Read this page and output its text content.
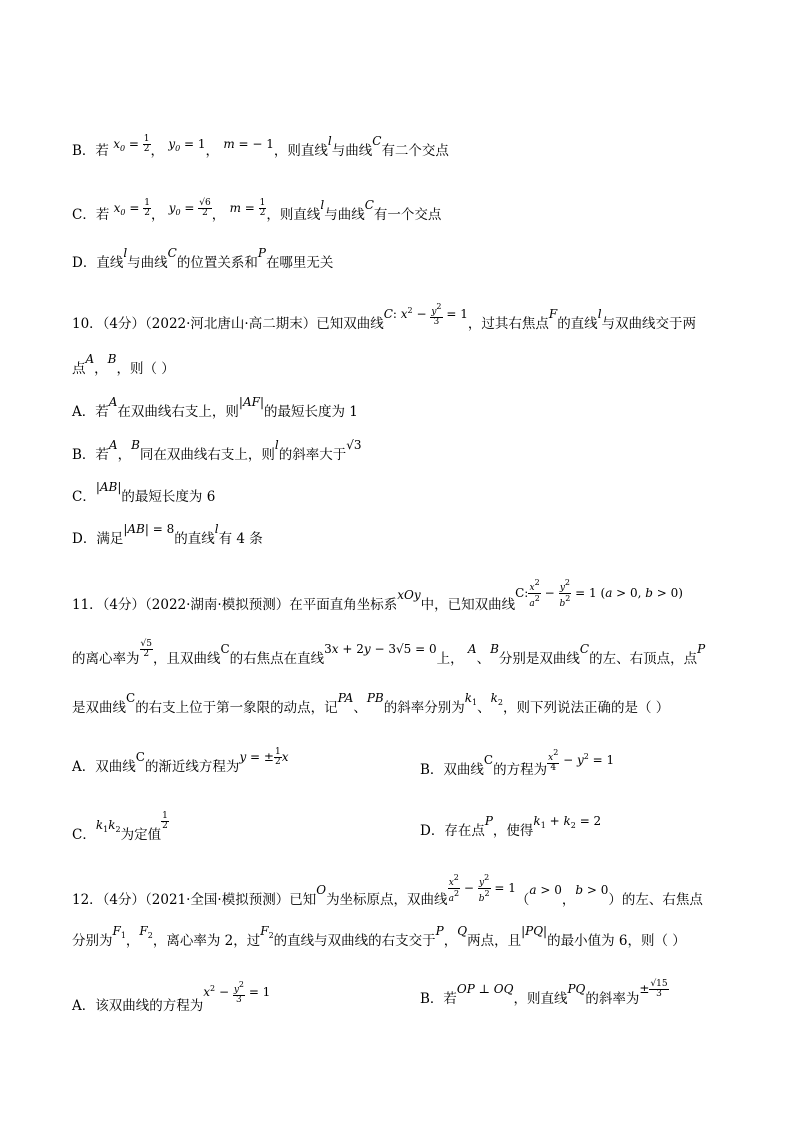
B．若 $x_0 = \frac{1}{2}$ ， $y_0 = 1$， m = − 1，则直线l与曲线C有二个交点
C．若 $x_0 = \frac{1}{2}$ ， $y_0 = \frac{√6}{2}$ ， $m = \frac{1}{2}$ ，则直线l与曲线C有一个交点
D．直线l与曲线C的位置关系和P在哪里无关
10．（4分）（2022·河北唐山·高二期末）已知双曲线C: $x^2 - \frac{y2}{3} = 1$，过其右焦点F的直线l与双曲线交于两
点A，B，则（ ）
A．若A在双曲线右支上，则|AF|的最短长度为 1
B．若A，B同在双曲线右支上，则l的斜率大于√3
C．|AB|的最短长度为 6
D．满足|AB| = 8的直线l有 4 条
11．（4分）（2022·湖南·模拟预测）在平面直角坐标系xOy中，已知双曲线C: $\frac{x2}{a2} - \frac{y2}{b2} = 1$ (a > 0, b > 0)
的离心率为 $\frac{√5}{2}$ ，且双曲线C的右焦点在直线3x + 2y − 3√5 = 0上， A、B分别是双曲线C的左、右顶点，点P
是双曲线C的右支上位于第一象限的动点，记PA、PB的斜率分别为$k_1$、$k_2$，则下列说法正确的是（ ）
A．双曲线C的渐近线方程为y = ± $\frac{1}{2}$ x
B．双曲线C的方程为 $\frac{x2}{4} - y^2 = 1$
C．$k_1k_2$为定值
$\frac{1}{2}$	D．存在点P，使得$k_1 + k_2 = 2$
12．（4分）（2021·全国·模拟预测）已知O为坐标原点，双曲线 $\frac{x2}{a2} - \frac{y2}{b2} = 1(a > 0$，b > 0）的左、右焦点
分别为$F_1$，$F_2$，离心率为 2，过$F_2$的直线与双曲线的右支交于P，Q两点，且|PQ|的最小值为 6，则（ ）
A．该双曲线的方程为$x^2 - \frac{y2}{3} = 1$	B．若OP ⊥ OQ，则直线PQ的斜率为± $\frac{√15}{3}$
